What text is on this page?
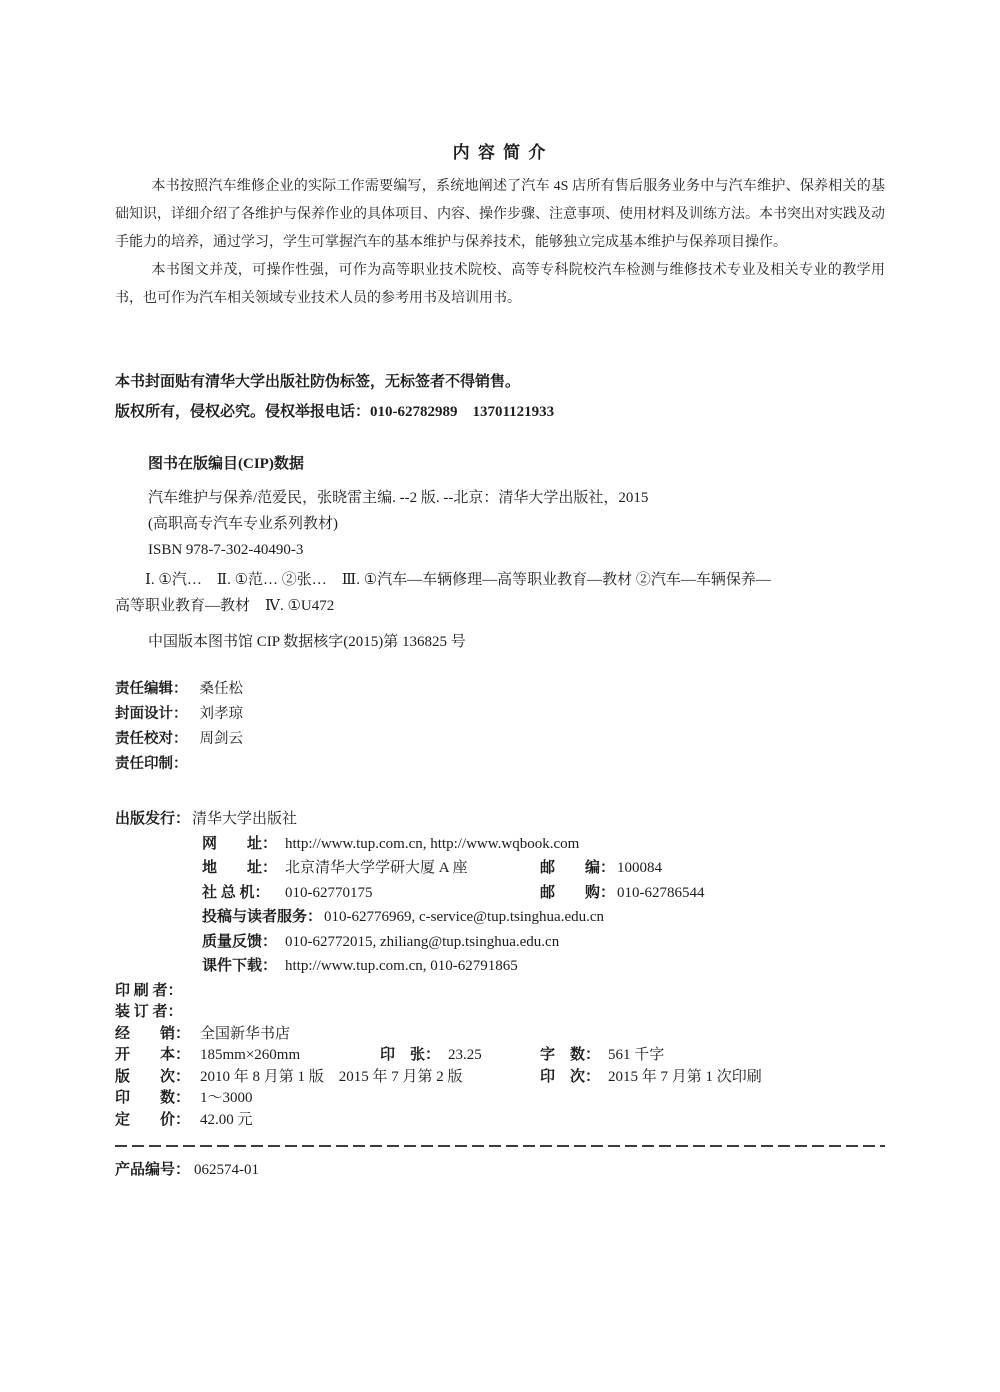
内 容 简 介

本书按照汽车维修企业的实际工作需要编写，系统地阐述了汽车 4S 店所有售后服务业务中与汽车维护、保养相关的基础知识，详细介绍了各维护与保养作业的具体项目、内容、操作步骤、注意事项、使用材料及训练方法。本书突出对实践及动手能力的培养，通过学习，学生可掌握汽车的基本维护与保养技术，能够独立完成基本维护与保养项目操作。

本书图文并茂，可操作性强，可作为高等职业技术院校、高等专科院校汽车检测与维修技术专业及相关专业的教学用书，也可作为汽车相关领域专业技术人员的参考用书及培训用书。

本书封面贴有清华大学出版社防伪标签，无标签者不得销售。
版权所有，侵权必究。侵权举报电话：010-62782989　13701121933
图书在版编目(CIP)数据
汽车维护与保养/范爱民，张晓雷主编. --2 版. --北京：清华大学出版社，2015
(高职高专汽车专业系列教材)
ISBN 978-7-302-40490-3
Ⅰ. ①汽…　Ⅱ. ①范… ②张…　Ⅲ. ①汽车—车辆修理—高等职业教育—教材 ②汽车—车辆保养—
高等职业教育—教材　Ⅳ. ①U472
中国版本图书馆 CIP 数据核字(2015)第 136825 号
责任编辑： 桑任松
封面设计： 刘孝琼
责任校对： 周剑云
责任印制：
出版发行： 清华大学出版社
网　　址： http://www.tup.com.cn, http://www.wqbook.com
地　　址： 北京清华大学学研大厦 A 座	邮　　编： 100084
社 总 机： 010-62770175	邮　　购： 010-62786544
投稿与读者服务： 010-62776969, c-service@tup.tsinghua.edu.cn
质量反馈： 010-62772015, zhiliang@tup.tsinghua.edu.cn
课件下载： http://www.tup.com.cn, 010-62791865
印 刷 者：
装 订 者：
经　　销： 全国新华书店
开　　本： 185mm×260mm	印　张： 23.25	字　数： 561 千字
版　　次： 2010 年 8 月第 1 版　2015 年 7 月第 2 版	印　次： 2015 年 7 月第 1 次印刷
印　　数： 1～3000
定　　价： 42.00 元
产品编号： 062574-01
